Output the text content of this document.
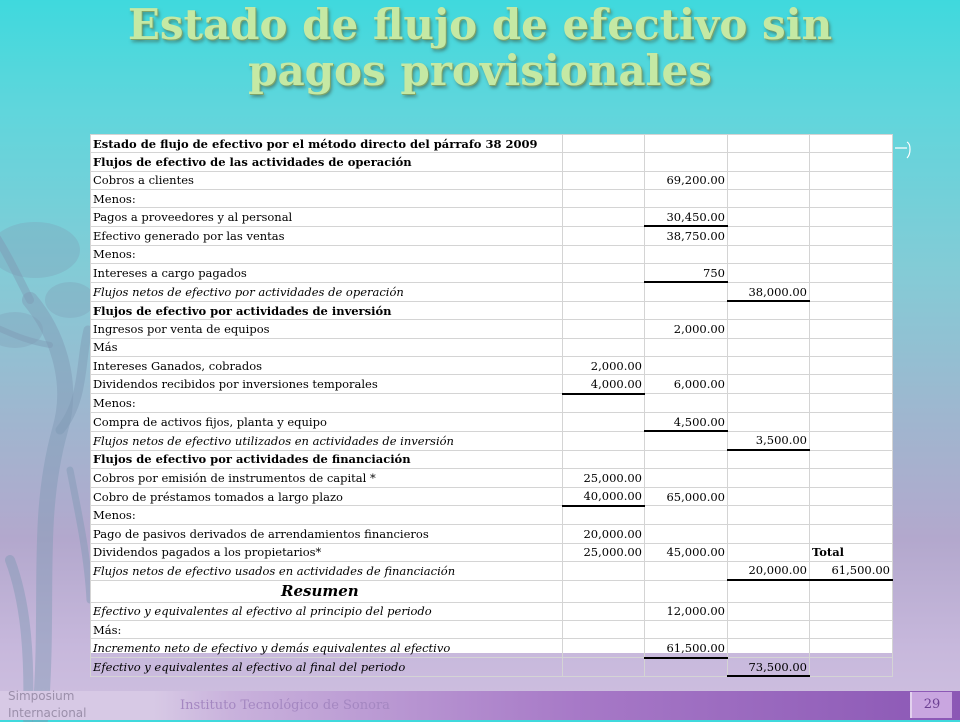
Estado de flujo de efectivo sin
pagos provisionales
Estado de flujo de efectivo por el método directo del párrafo 38 2009				
Flujos de efectivo de las actividades de operación				
Cobros a clientes		69,200.00		
Menos:				
Pagos a proveedores y al personal		30,450.00		
Efectivo generado por las ventas		38,750.00		
Menos:				
Intereses a cargo pagados		750		
Flujos netos de efectivo por actividades de operación			38,000.00	
Flujos de efectivo por actividades de inversión				
Ingresos por venta de equipos		2,000.00		
Más				
Intereses Ganados, cobrados	2,000.00			
Dividendos recibidos por inversiones temporales	4,000.00	6,000.00		
Menos:				
Compra de activos fijos, planta y equipo		4,500.00		
Flujos netos de efectivo utilizados en actividades de inversión			3,500.00	
Flujos de efectivo por actividades de financiación				
Cobros por emisión de instrumentos de capital *	25,000.00			
Cobro de préstamos tomados a largo plazo	40,000.00	65,000.00		
Menos:				
Pago de pasivos derivados de arrendamientos financieros	20,000.00			
Dividendos pagados a los propietarios*	25,000.00	45,000.00		Total
Flujos netos de efectivo usados en actividades de financiación			20,000.00	61,500.00
Resumen				
Efectivo y equivalentes al efectivo al principio del periodo		12,000.00		
Más:				
Incremento neto de efectivo y demás equivalentes al efectivo		61,500.00		
Efectivo y equivalentes al efectivo al final del periodo			73,500.00	
Simposium Internacional	Instituto Tecnológico de Sonora	29
